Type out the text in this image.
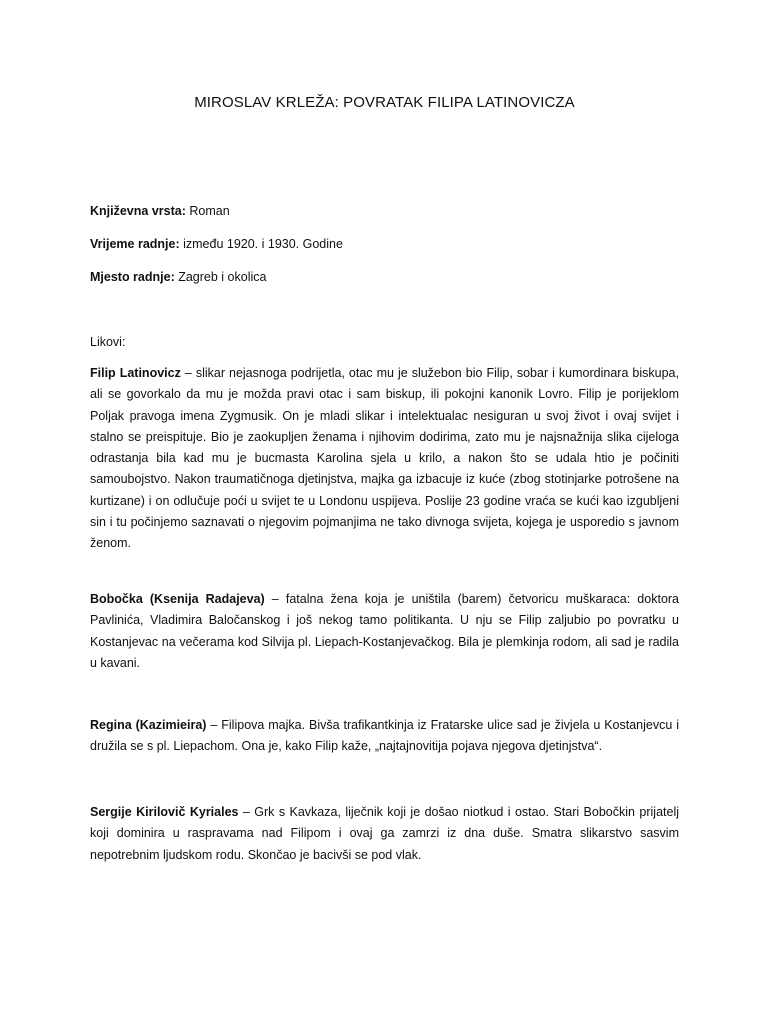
MIROSLAV KRLEŽA: POVRATAK FILIPA LATINOVICZA
Književna vrsta: Roman
Vrijeme radnje: između 1920. i 1930. Godine
Mjesto radnje: Zagreb i okolica
Likovi:
Filip Latinovicz – slikar nejasnoga podrijetla, otac mu je služebon bio Filip, sobar i kumordinara biskupa, ali se govorkalo da mu je možda pravi otac i sam biskup, ili pokojni kanonik Lovro. Filip je porijeklom Poljak pravoga imena Zygmusik. On je mladi slikar i intelektualac nesiguran u svoj život i ovaj svijet i stalno se preispituje. Bio je zaokupljen ženama i njihovim dodirima, zato mu je najsnažnija slika cijeloga odrastanja bila kad mu je bucmasta Karolina sjela u krilo, a nakon što se udala htio je počiniti samoubojstvo. Nakon traumatičnoga djetinjstva, majka ga izbacuje iz kuće (zbog stotinjarke potrošene na kurtizane) i on odlučuje poći u svijet te u Londonu uspijeva. Poslije 23 godine vraća se kući kao izgubljeni sin i tu počinjemo saznavati o njegovim pojmanjima ne tako divnoga svijeta, kojega je usporedio s javnom ženom.
Bobočka (Ksenija Radajeva) – fatalna žena koja je uništila (barem) četvoricu muškaraca: doktora Pavlinića, Vladimira Baločanskog i još nekog tamo politikanta. U nju se Filip zaljubio po povratku u Kostanjevac na večerama kod Silvija pl. Liepach-Kostanjevačkog. Bila je plemkinja rodom, ali sad je radila u kavani.
Regina (Kazimieira) – Filipova majka. Bivša trafikantkinja iz Fratarske ulice sad je živjela u Kostanjevcu i družila se s pl. Liepachom. Ona je, kako Filip kaže, „najtajnovitija pojava njegova djetinjstva“.
Sergije Kirilovič Kyriales – Grk s Kavkaza, liječnik koji je došao niotkud i ostao. Stari Bobočkin prijatelj koji dominira u raspravama nad Filipom i ovaj ga zamrzi iz dna duše. Smatra slikarstvo sasvim nepotrebnim ljudskom rodu. Skončao je bacivši se pod vlak.
